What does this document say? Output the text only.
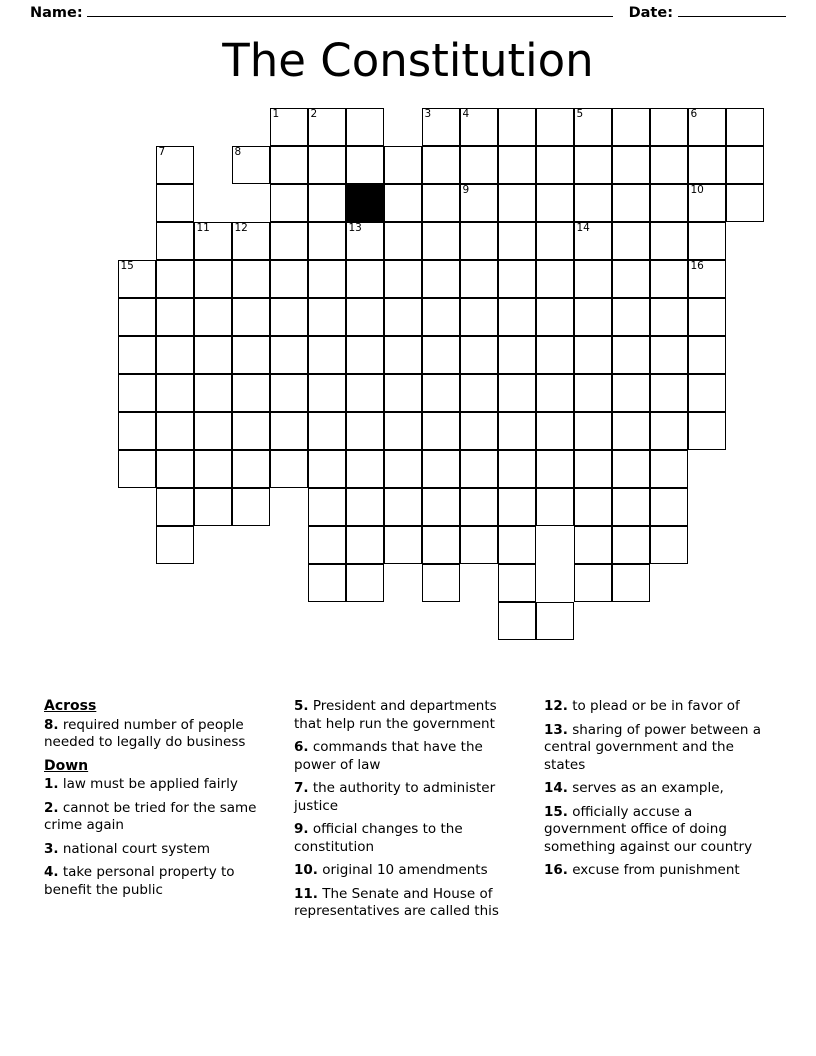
Name:	Date:
The Constitution
1	2	3	4	5	6
7	8
9	10
11 12	13	14
15	16
Across
8. required number of people needed to legally do business
Down
1. law must be applied fairly
2. cannot be tried for the same crime again
3. national court system
4. take personal property to benefit the public
5. President and departments that help run the government
6. commands that have the power of law
7. the authority to administer justice
9. official changes to the constitution
10. original 10 amendments
11. The Senate and House of representatives are called this
12. to plead or be in favor of
13. sharing of power between a central government and the states
14. serves as an example,
15. officially accuse a government office of doing something against our country
16. excuse from punishment
